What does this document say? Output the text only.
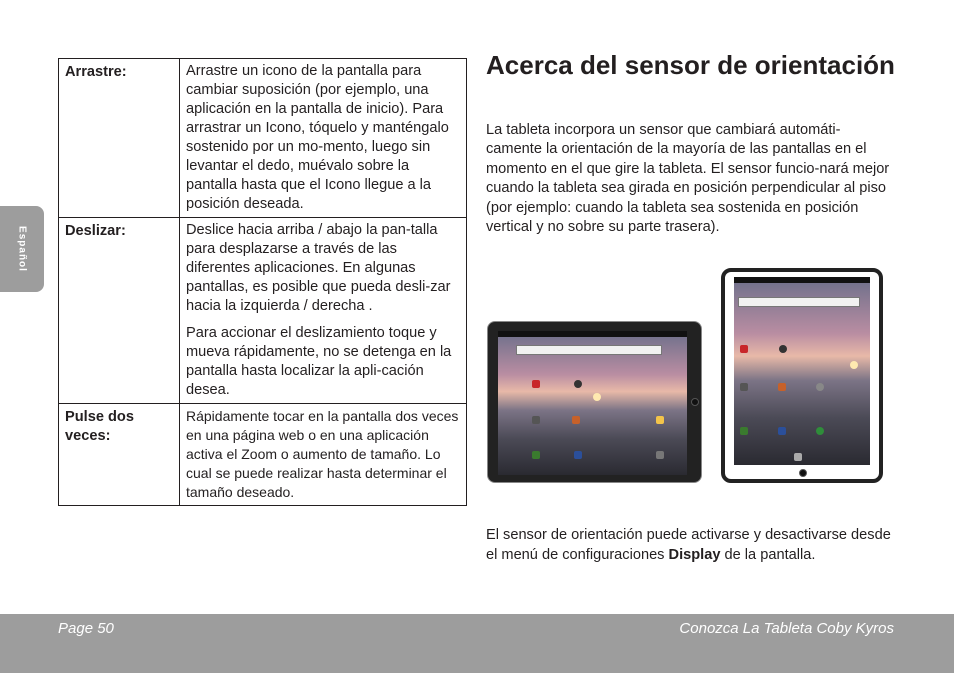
Español
Arrastre:	Arrastre un icono de la pantalla para cambiar suposición (por ejemplo, una aplicación en la pantalla de inicio). Para arrastrar un Icono, tóquelo y manténgalo sostenido por un mo-mento, luego sin levantar el dedo, muévalo sobre la pantalla hasta que el Icono llegue a la posición deseada.

Deslizar:	Deslice hacia arriba / abajo la pan-talla para desplazarse a través de las diferentes aplicaciones. En algunas pantallas, es posible que pueda desli-zar hacia la izquierda / derecha .

Para accionar el deslizamiento toque y mueva rápidamente, no se detenga en la pantalla hasta localizar la apli-cación desea.

Pulse dos veces:	Rápidamente tocar en la pantalla dos veces en una página web o en una aplicación activa el Zoom o aumento de tamaño. Lo cual se puede realizar hasta determinar el tamaño deseado.

Acerca del sensor de orientación

La tableta incorpora un sensor que cambiará automáti-camente la orientación de la mayoría de las pantallas en el momento en el que gire la tableta. El sensor funcio-nará mejor cuando la tableta sea girada en posición perpendicular al piso (por ejemplo: cuando la tableta sea sostenida en posición vertical y no sobre su parte trasera).

El sensor de orientación puede activarse y desactivarse desde el menú de configuraciones Display de la pantalla.

Page 50	Conozca La Tableta Coby Kyros
